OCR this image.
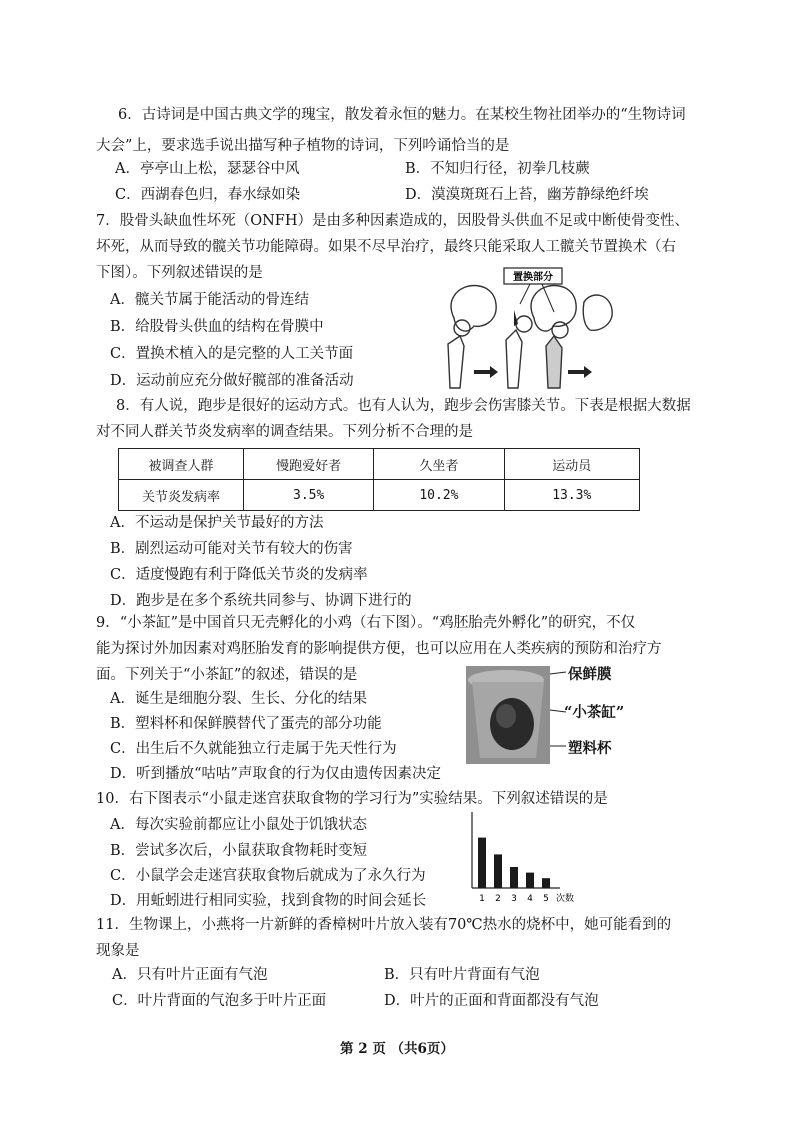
6．古诗词是中国古典文学的瑰宝，散发着永恒的魅力。在某校生物社团举办的“生物诗词
大会”上，要求选手说出描写种子植物的诗词，下列吟诵恰当的是
A．亭亭山上松，瑟瑟谷中风	B．不知归行径，初拳几枝蕨
C．西湖春色归，春水绿如染	D．漠漠斑斑石上苔，幽芳静绿绝纤埃
7．股骨头缺血性坏死（ONFH）是由多种因素造成的，因股骨头供血不足或中断使骨变性、
坏死，从而导致的髋关节功能障碍。如果不尽早治疗，最终只能采取人工髋关节置换术（右
下图）。下列叙述错误的是
A．髋关节属于能活动的骨连结
B．给股骨头供血的结构在骨膜中
C．置换术植入的是完整的人工关节面
D．运动前应充分做好髋部的准备活动
置换部分
8．有人说，跑步是很好的运动方式。也有人认为，跑步会伤害膝关节。下表是根据大数据
对不同人群关节炎发病率的调查结果。下列分析不合理的是
被调查人群	慢跑爱好者	久坐者	运动员
关节炎发病率	3.5%	10.2%	13.3%
A．不运动是保护关节最好的方法
B．剧烈运动可能对关节有较大的伤害
C．适度慢跑有利于降低关节炎的发病率
D．跑步是在多个系统共同参与、协调下进行的
9．“小茶缸”是中国首只无壳孵化的小鸡（右下图）。“鸡胚胎壳外孵化”的研究，不仅
能为探讨外加因素对鸡胚胎发育的影响提供方便，也可以应用在人类疾病的预防和治疗方
面。下列关于“小茶缸”的叙述，错误的是
A．诞生是细胞分裂、生长、分化的结果
B．塑料杯和保鲜膜替代了蛋壳的部分功能
C．出生后不久就能独立行走属于先天性行为
D．听到播放“咕咕”声取食的行为仅由遗传因素决定
保鲜膜
“小茶缸”
塑料杯
10．右下图表示“小鼠走迷宫获取食物的学习行为”实验结果。下列叙述错误的是
A．每次实验前都应让小鼠处于饥饿状态
B．尝试多次后，小鼠获取食物耗时变短
C．小鼠学会走迷宫获取食物后就成为了永久行为
D．用蚯蚓进行相同实验，找到食物的时间会延长	1 2 3 4 5 次数
11．生物课上，小燕将一片新鲜的香樟树叶片放入装有70℃热水的烧杯中，她可能看到的
现象是
A．只有叶片正面有气泡	B．只有叶片背面有气泡
C．叶片背面的气泡多于叶片正面	D．叶片的正面和背面都没有气泡
第 2 页 （共6页）
